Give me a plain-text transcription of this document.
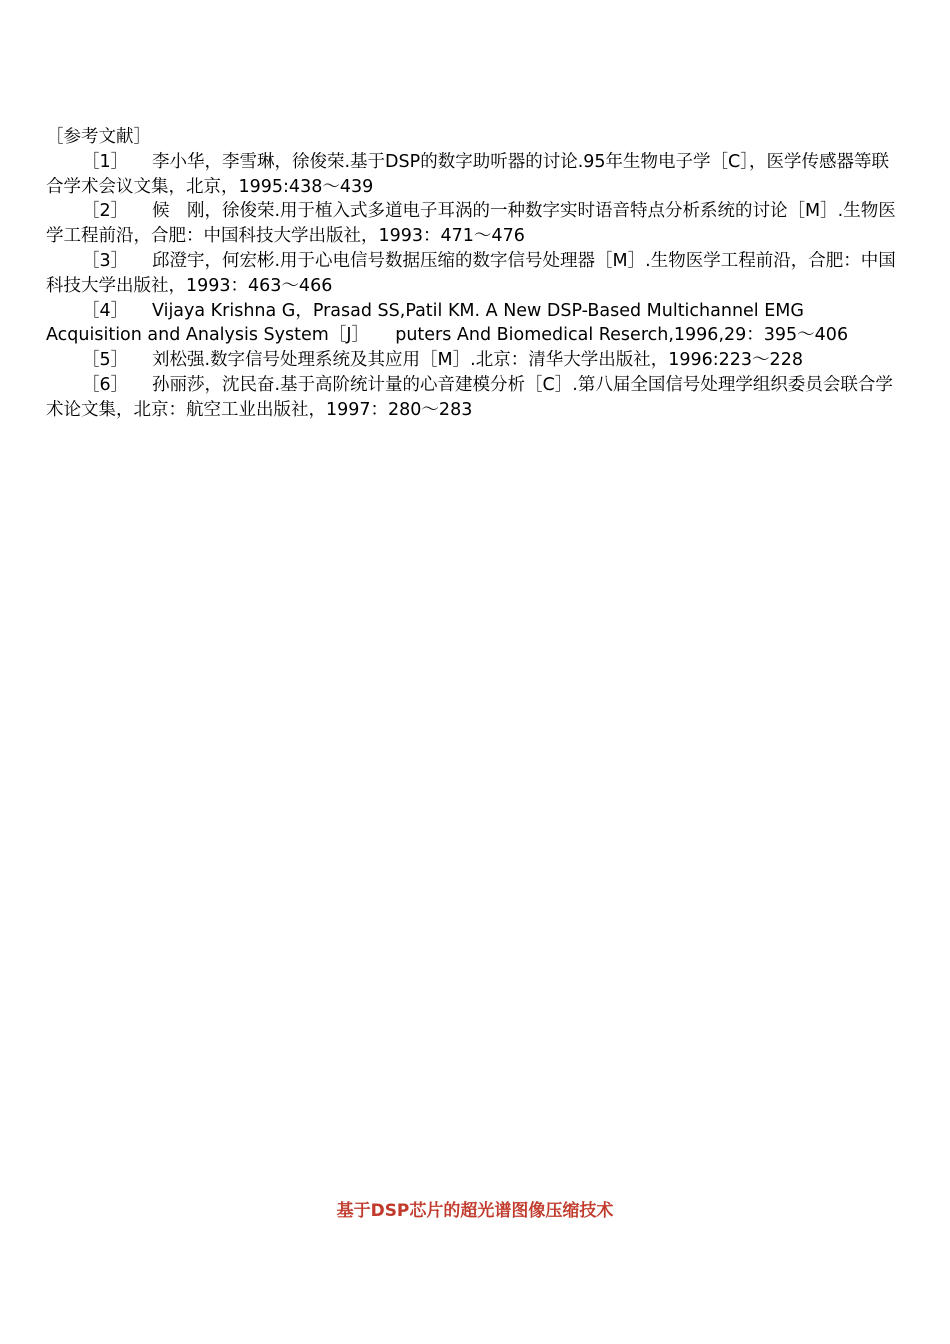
［参考文献］

［1］ 李小华，李雪琳，徐俊荣.基于DSP的数字助听器的讨论.95年生物电子学［C］，医学传感器等联合学术会议文集，北京，1995:438～439

［2］ 候　刚，徐俊荣.用于植入式多道电子耳涡的一种数字实时语音特点分析系统的讨论［M］.生物医学工程前沿，合肥：中国科技大学出版社，1993：471～476

［3］ 邱澄宇，何宏彬.用于心电信号数据压缩的数字信号处理器［M］.生物医学工程前沿，合肥：中国科技大学出版社，1993：463～466

［4］ Vijaya Krishna G，Prasad SS,Patil KM. A New DSP-Based Multichannel EMG Acquisition and Analysis System［J］　　puters And Biomedical Reserch,1996,29：395～406

［5］ 刘松强.数字信号处理系统及其应用［M］.北京：清华大学出版社，1996:223～228

［6］ 孙丽莎，沈民奋.基于高阶统计量的心音建模分析［C］.第八届全国信号处理学组织委员会联合学术论文集，北京：航空工业出版社，1997：280～283

基于DSP芯片的超光谱图像压缩技术
